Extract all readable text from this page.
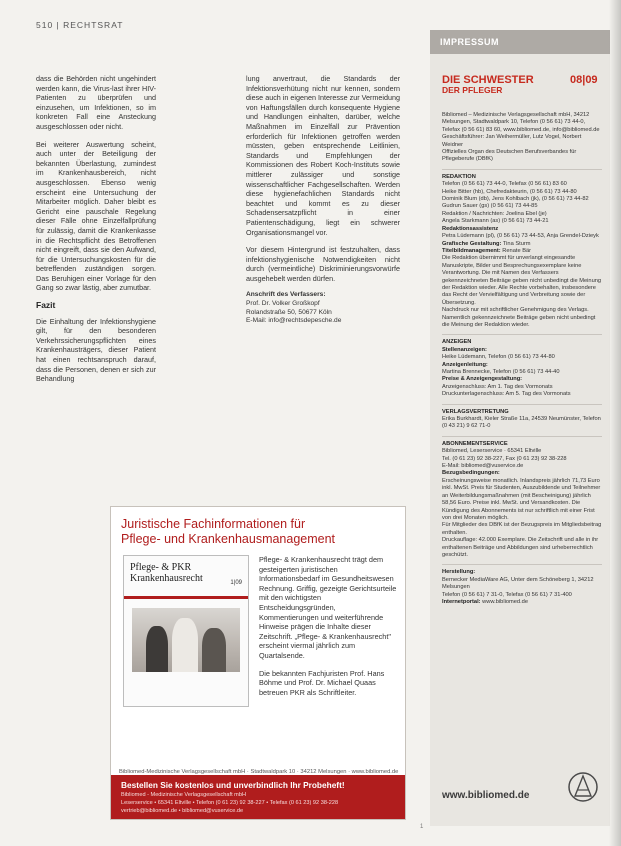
510 | RECHTSRAT

dass die Behörden nicht ungehindert werden kann, die Virus-last ihrer HIV-Patienten zu überprüfen und einzusehen, um Infektionen, so im konkreten Fall eine Ansteckung ausgeschlossen oder nicht.

Bei weiterer Auswertung scheint, auch unter der Beteiligung der bekannten Überlastung, zumindest im Krankenhausbereich, nicht ausgeschlossen. Ebenso wenig erscheint eine Untersuchung der Mitarbeiter möglich. Daher bleibt es Gericht eine pauschale Regelung dieser Fälle ohne Einzelfallprüfung für zulässig, damit die Krankenkasse in die Rechtspflicht des Betroffenen nicht eingreift, dass sie den Aufwand, für die Untersuchungskosten für die betreffenden zuständigen sorgen. Das Beruhigen einer Vorlage für den Gang so zwar lästig, aber zumutbar.

Fazit

Die Einhaltung der Infektionshygiene gilt, für den besonderen Verkehrssicherungspflichten eines Krankenhausträgers, dieser Patient hat einen rechtsanspruch darauf, dass die Personen, denen er sich zur Behandlung

lung anvertraut, die Standards der Infektionsverhütung nicht nur kennen, sondern diese auch in eigenen Interesse zur Vermeidung von Haftungsfällen durch konsequente Hygiene und Handlungen einhalten, darüber, welche Maßnahmen im Einzelfall zur Prävention erforderlich für Infektionen getroffen werden müssten, geben entsprechende Leitlinien, Standards und Empfehlungen der Kommissionen des Robert Koch-Instituts sowie mittlerer zulässiger und sonstige wissenschaftlicher Fachgesellschaften. Werden diese hygienefachlichen Standards nicht beachtet und kommt es zu dieser Schadensersatzpflicht in einer Patientenschädigung, liegt ein schwerer Organisationsmangel vor.

Vor diesem Hintergrund ist festzuhalten, dass infektionshygienische Notwendigkeiten nicht durch (vermeintliche) Diskriminierungsvorwürfe ausgehebelt werden dürfen.

Anschrift des Verfassers:
Prof. Dr. Volker Großkopf
Rolandstraße 50, 50677 Köln
E-Mail: info@rechtsdepesche.de
Juristische Fachinformationen für
Pflege- und Krankenhausmanagement
Pflege- & PKR
Krankenhausrecht	1|09

Pflege- & Krankenhausrecht trägt dem gesteigerten juristischen Informationsbedarf im Gesundheitswesen Rechnung. Griffig, gezeigte Gerichtsurteile mit den wichtigsten Entscheidungsgründen, Kommentierungen und weiterführende Hinweise prägen die Inhalte dieser Zeitschrift. „Pflege- & Krankenhausrecht" erscheint viermal jährlich zum Quartalsende.

Die bekannten Fachjuristen Prof. Hans Böhme und Prof. Dr. Michael Quaas betreuen PKR als Schriftleiter.

Bibliomed-Medizinische Verlagsgesellschaft mbH · Stadtwaldpark 10 · 34212 Melsungen · www.bibliomed.de
Bestellen Sie kostenlos und unverbindlich Ihr Probeheft!
Bibliomed - Medizinische Verlagsgesellschaft mbH
Leserservice • 65341 Eltville • Telefon (0 61 23) 92 38-227 • Telefax (0 61 23) 92 38-228
vertrieb@bibliomed.de • bibliomed@vuservice.de
IMPRESSUM
DIE SCHWESTER
DER PFLEGER
08|09
Bibliomed – Medizinische Verlagsgesellschaft mbH, 34212 Melsungen, Stadtwaldpark 10, Telefon (0 56 61) 73 44-0, Telefax (0 56 61) 83 60, www.bibliomed.de, info@bibliomed.de
Geschäftsführer: Jan Weihermüller, Lutz Vogel, Norbert Weidner
Offizielles Organ des Deutschen Berufsverbandes für Pflegeberufe (DBfK)
REDAKTION
Telefon (0 56 61) 73 44-0, Telefax (0 56 61) 83 60
Heike Bitter (hb), Chefredakteurin, (0 56 61) 73 44-80
Dominik Blum (db), Jens Kohlbach (jk), (0 56 61) 73 44-82
Gudrun Sauer (gs) (0 56 61) 73 44-85
Redaktion / Nachrichten: Joelina Ebel (je)
Angela Starkmann (as) (0 56 61) 73 44-21
Redaktionsassistenz
Petra Lüdemann (pl), (0 56 61) 73 44-53, Anja Grendel-Dzieyk
Grafische Gestaltung: Tina Sturm
Titelbildmanagement: Renate Bär
Die Redaktion übernimmt für unverlangt eingesandte Manuskripte, Bilder und Besprechungsexemplare keine Verantwortung. Die mit Namen des Verfassers gekennzeichneten Beiträge geben nicht unbedingt die Meinung der Redaktion wieder. Alle Rechte vorbehalten, insbesondere das Recht der Vervielfältigung und Verbreitung sowie der Übersetzung.
Nachdruck nur mit schriftlicher Genehmigung des Verlags. Namentlich gekennzeichnete Beiträge geben nicht unbedingt die Meinung der Redaktion wieder.
ANZEIGEN
Stellenanzeigen:
Heike Lüdemann, Telefon (0 56 61) 73 44-80
Anzeigenleitung:
Martina Brennecke, Telefon (0 56 61) 73 44-40
Preise & Anzeigengestaltung:
Anzeigenschluss: Am 1. Tag des Vormonats
Druckunterlagenschluss: Am 5. Tag des Vormonats
VERLAGSVERTRETUNG
Erika Burkhardt, Kieler Straße 11a, 24539 Neumünster, Telefon (0 43 21) 9 62 71-0
ABONNEMENTSERVICE
Bibliomed, Leserservice · 65341 Eltville
Tel. (0 61 23) 92 38-227, Fax (0 61 23) 92 38-228
E-Mail: bibliomed@vuservice.de
Bezugsbedingungen:
Erscheinungsweise monatlich. Inlandspreis jährlich 71,73 Euro inkl. MwSt. Preis für Studenten, Auszubildende und Teilnehmer an Weiterbildungsmaßnahmen (mit Bescheinigung) jährlich 58,56 Euro. Preise inkl. MwSt. und Versandkosten. Die Kündigung des Abonnements ist nur schriftlich mit einer Frist von drei Monaten möglich.
Für Mitglieder des DBfK ist der Bezugspreis im Mitgliedsbeitrag enthalten.
Druckauflage: 42.000 Exemplare. Die Zeitschrift und alle in ihr enthaltenen Beiträge und Abbildungen sind urheberrechtlich geschützt.
Herstellung:
Bernecker MediaWare AG, Unter dem Schöneberg 1, 34212 Melsungen
Telefon (0 56 61) 7 31-0, Telefax (0 56 61) 7 31-400
Internetportal: www.bibliomed.de
www.bibliomed.de
1
